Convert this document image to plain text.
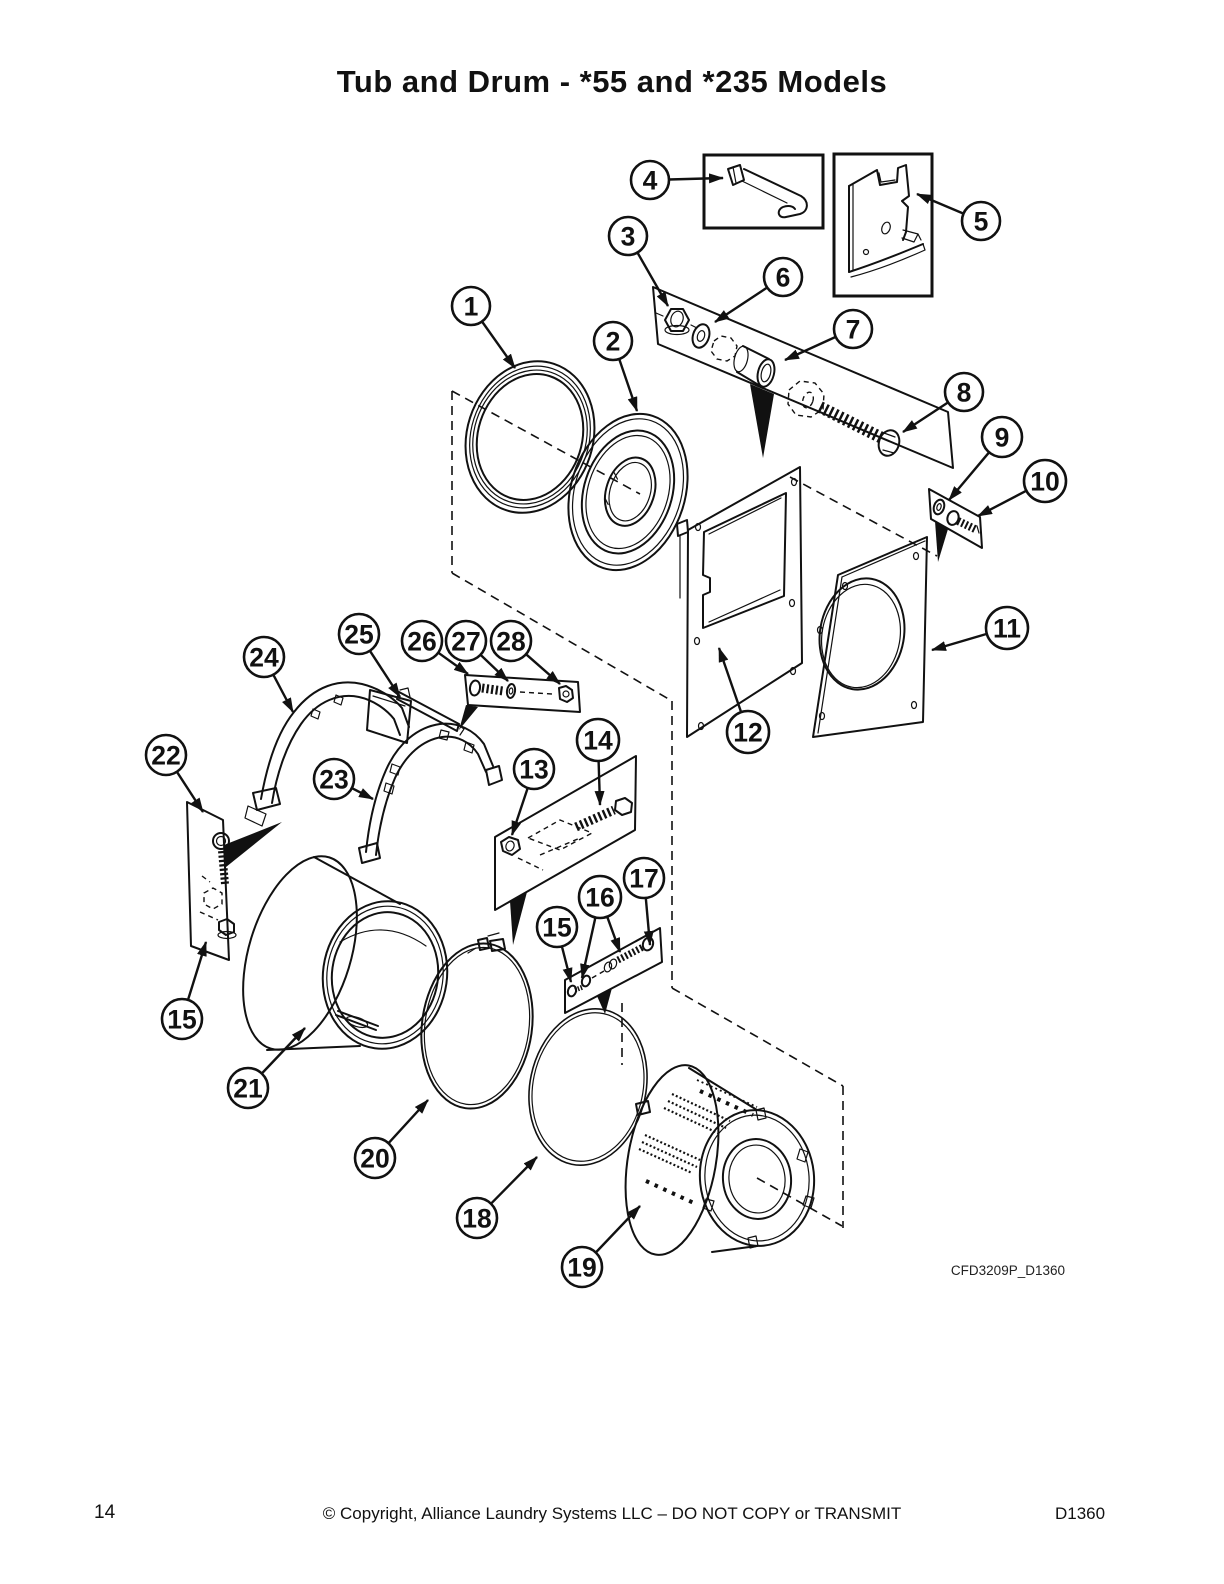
Tub and Drum - *55 and *235 Models
1
2
3
4
5
6
7
8
9
10
11
12
13
14
15
15
16
17
18
19
20
21
22
23
24
25 26 27 28
CFD3209P_D1360
14	© Copyright, Alliance Laundry Systems LLC – DO NOT COPY or TRANSMIT	D1360
